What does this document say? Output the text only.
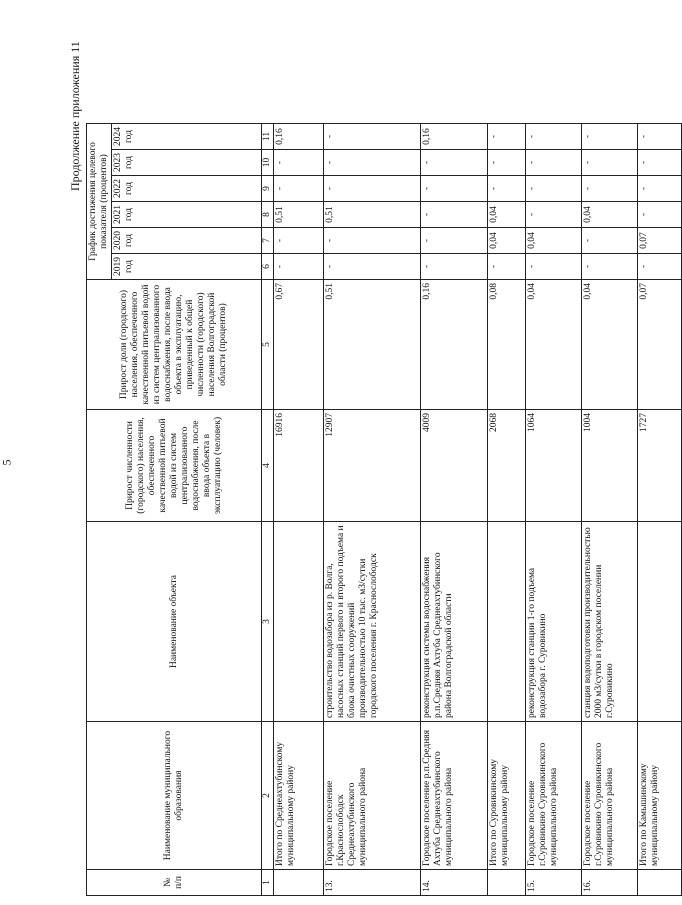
5
Продолжение приложения 11
№ п/п	Наименование муниципального образования	Наименование объекта	Прирост численности (городского) населения, обеспеченного качественной питьевой водой из систем централизованного водоснабжения, после ввода объекта в эксплуатацию (человек)	Прирост доли (городского) населения, обеспеченного качественной питьевой водой из систем централизованного водоснабжения, после ввода объекта в эксплуатацию, приведенный к общей численности (городского) населения Волгоградской области (процентов)	График достижения целевого показателя (процентов)					
					2019 год	2020 год	2021 год	2022 год	2023 год	2024 год
1	2	3	4	5	6	7	8	9	10	11
	Итого по Среднеахтубинскому муниципальному району		16916	0,67	-	-	0,51	-	-	0,16
13.	Городское поселение г.Краснослободск Среднеахтубинского муниципального района	строительство водозабора из р. Волга, насосных станций первого и второго подъема и блока очистных сооружений производительностью 10 тыс. м3/сутки городского поселения г. Краснослободск	12907	0,51	-	-	0,51	-	-	-
14.	Городское поселение р.п.Средняя Ахтуба Среднеахтубинского муниципального района	реконструкция системы водоснабжения р.п.Средняя Ахтуба Среднеахтубинского района Волгоградской области	4009	0,16	-	-	-	-	-	0,16
	Итого по Суровикинскому муниципальному району		2068	0,08	-	0,04	0,04	-	-	-
15.	Городское поселение г.Суровикино Суровикинского муниципального района	реконструкция станции 1-го подъема водозабора г. Суровикино	1064	0,04	-	0,04	-	-	-	-
16.	Городское поселение г.Суровикино Суровикинского муниципального района	станция водоподготовки производительностью 2000 м3/сутки в городском поселении г.Суровикино	1004	0,04	-	-	0,04	-	-	-
	Итого по Камышинскому муниципальному району		1727	0,07	-	0,07	-	-	-	-
